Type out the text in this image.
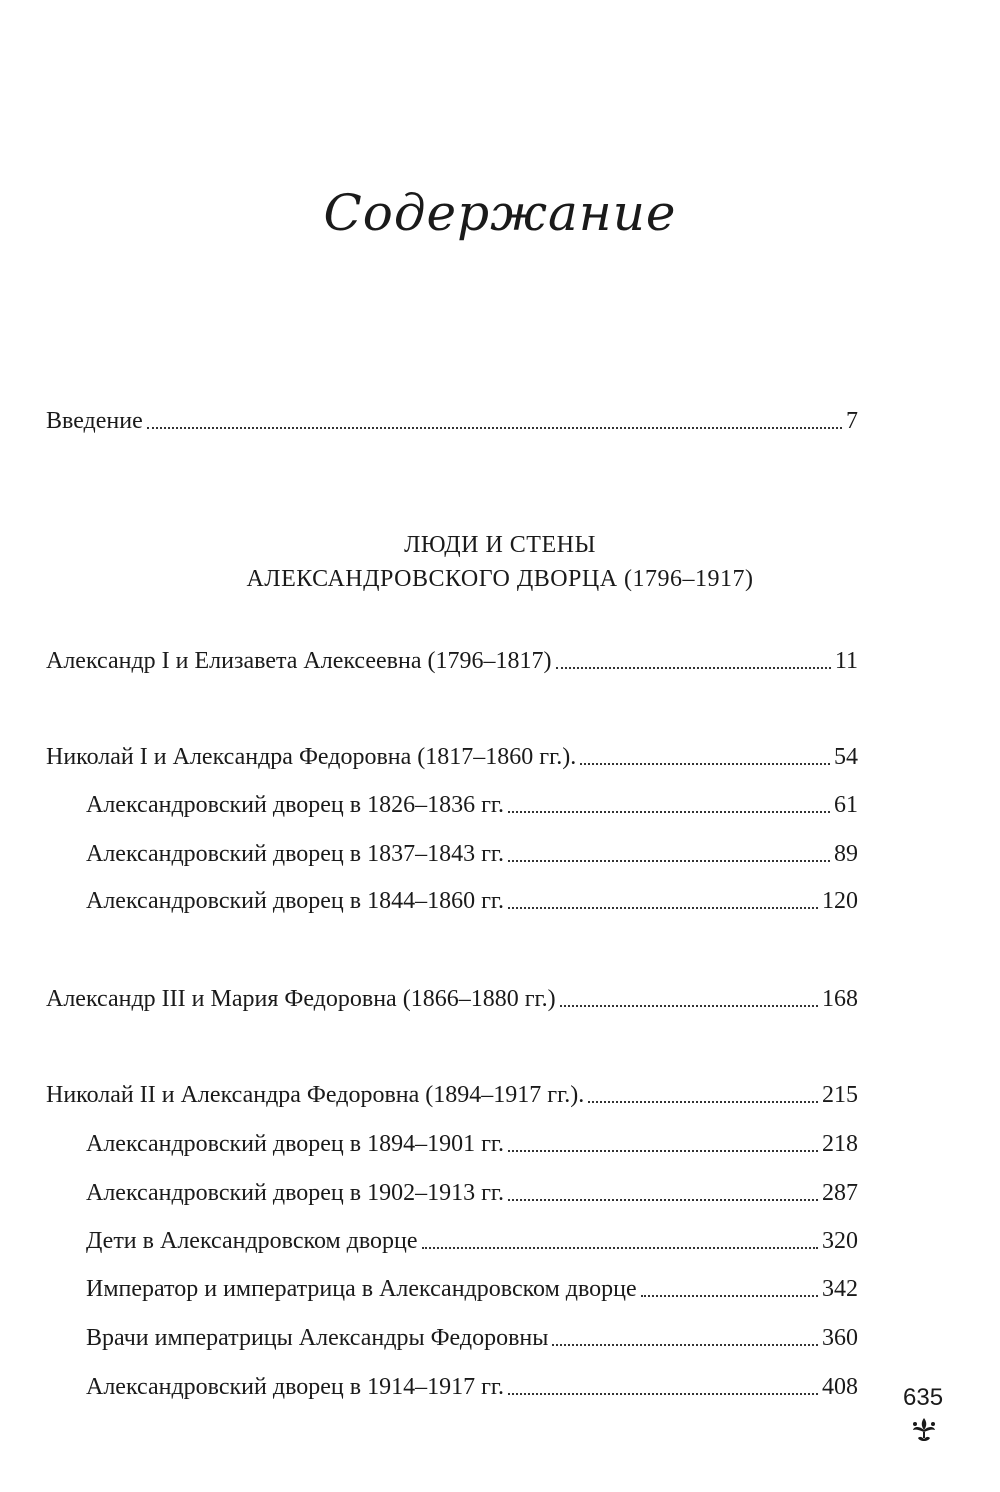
Содержание
Введение	7
ЛЮДИ И СТЕНЫ
АЛЕКСАНДРОВСКОГО ДВОРЦА (1796–1917)
Александр I и Елизавета Алексеевна (1796–1817)	11
Николай I и Александра Федоровна (1817–1860 гг.).	54
Александровский дворец в 1826–1836 гг.	61
Александровский дворец в 1837–1843 гг.	89
Александровский дворец в 1844–1860 гг.	120
Александр III и Мария Федоровна (1866–1880 гг.)	168
Николай II и Александра Федоровна (1894–1917 гг.).	215
Александровский дворец в 1894–1901 гг.	218
Александровский дворец в 1902–1913 гг.	287
Дети в Александровском дворце	320
Император и императрица в Александровском дворце	342
Врачи императрицы Александры Федоровны	360
Александровский дворец в 1914–1917 гг.	408 635
